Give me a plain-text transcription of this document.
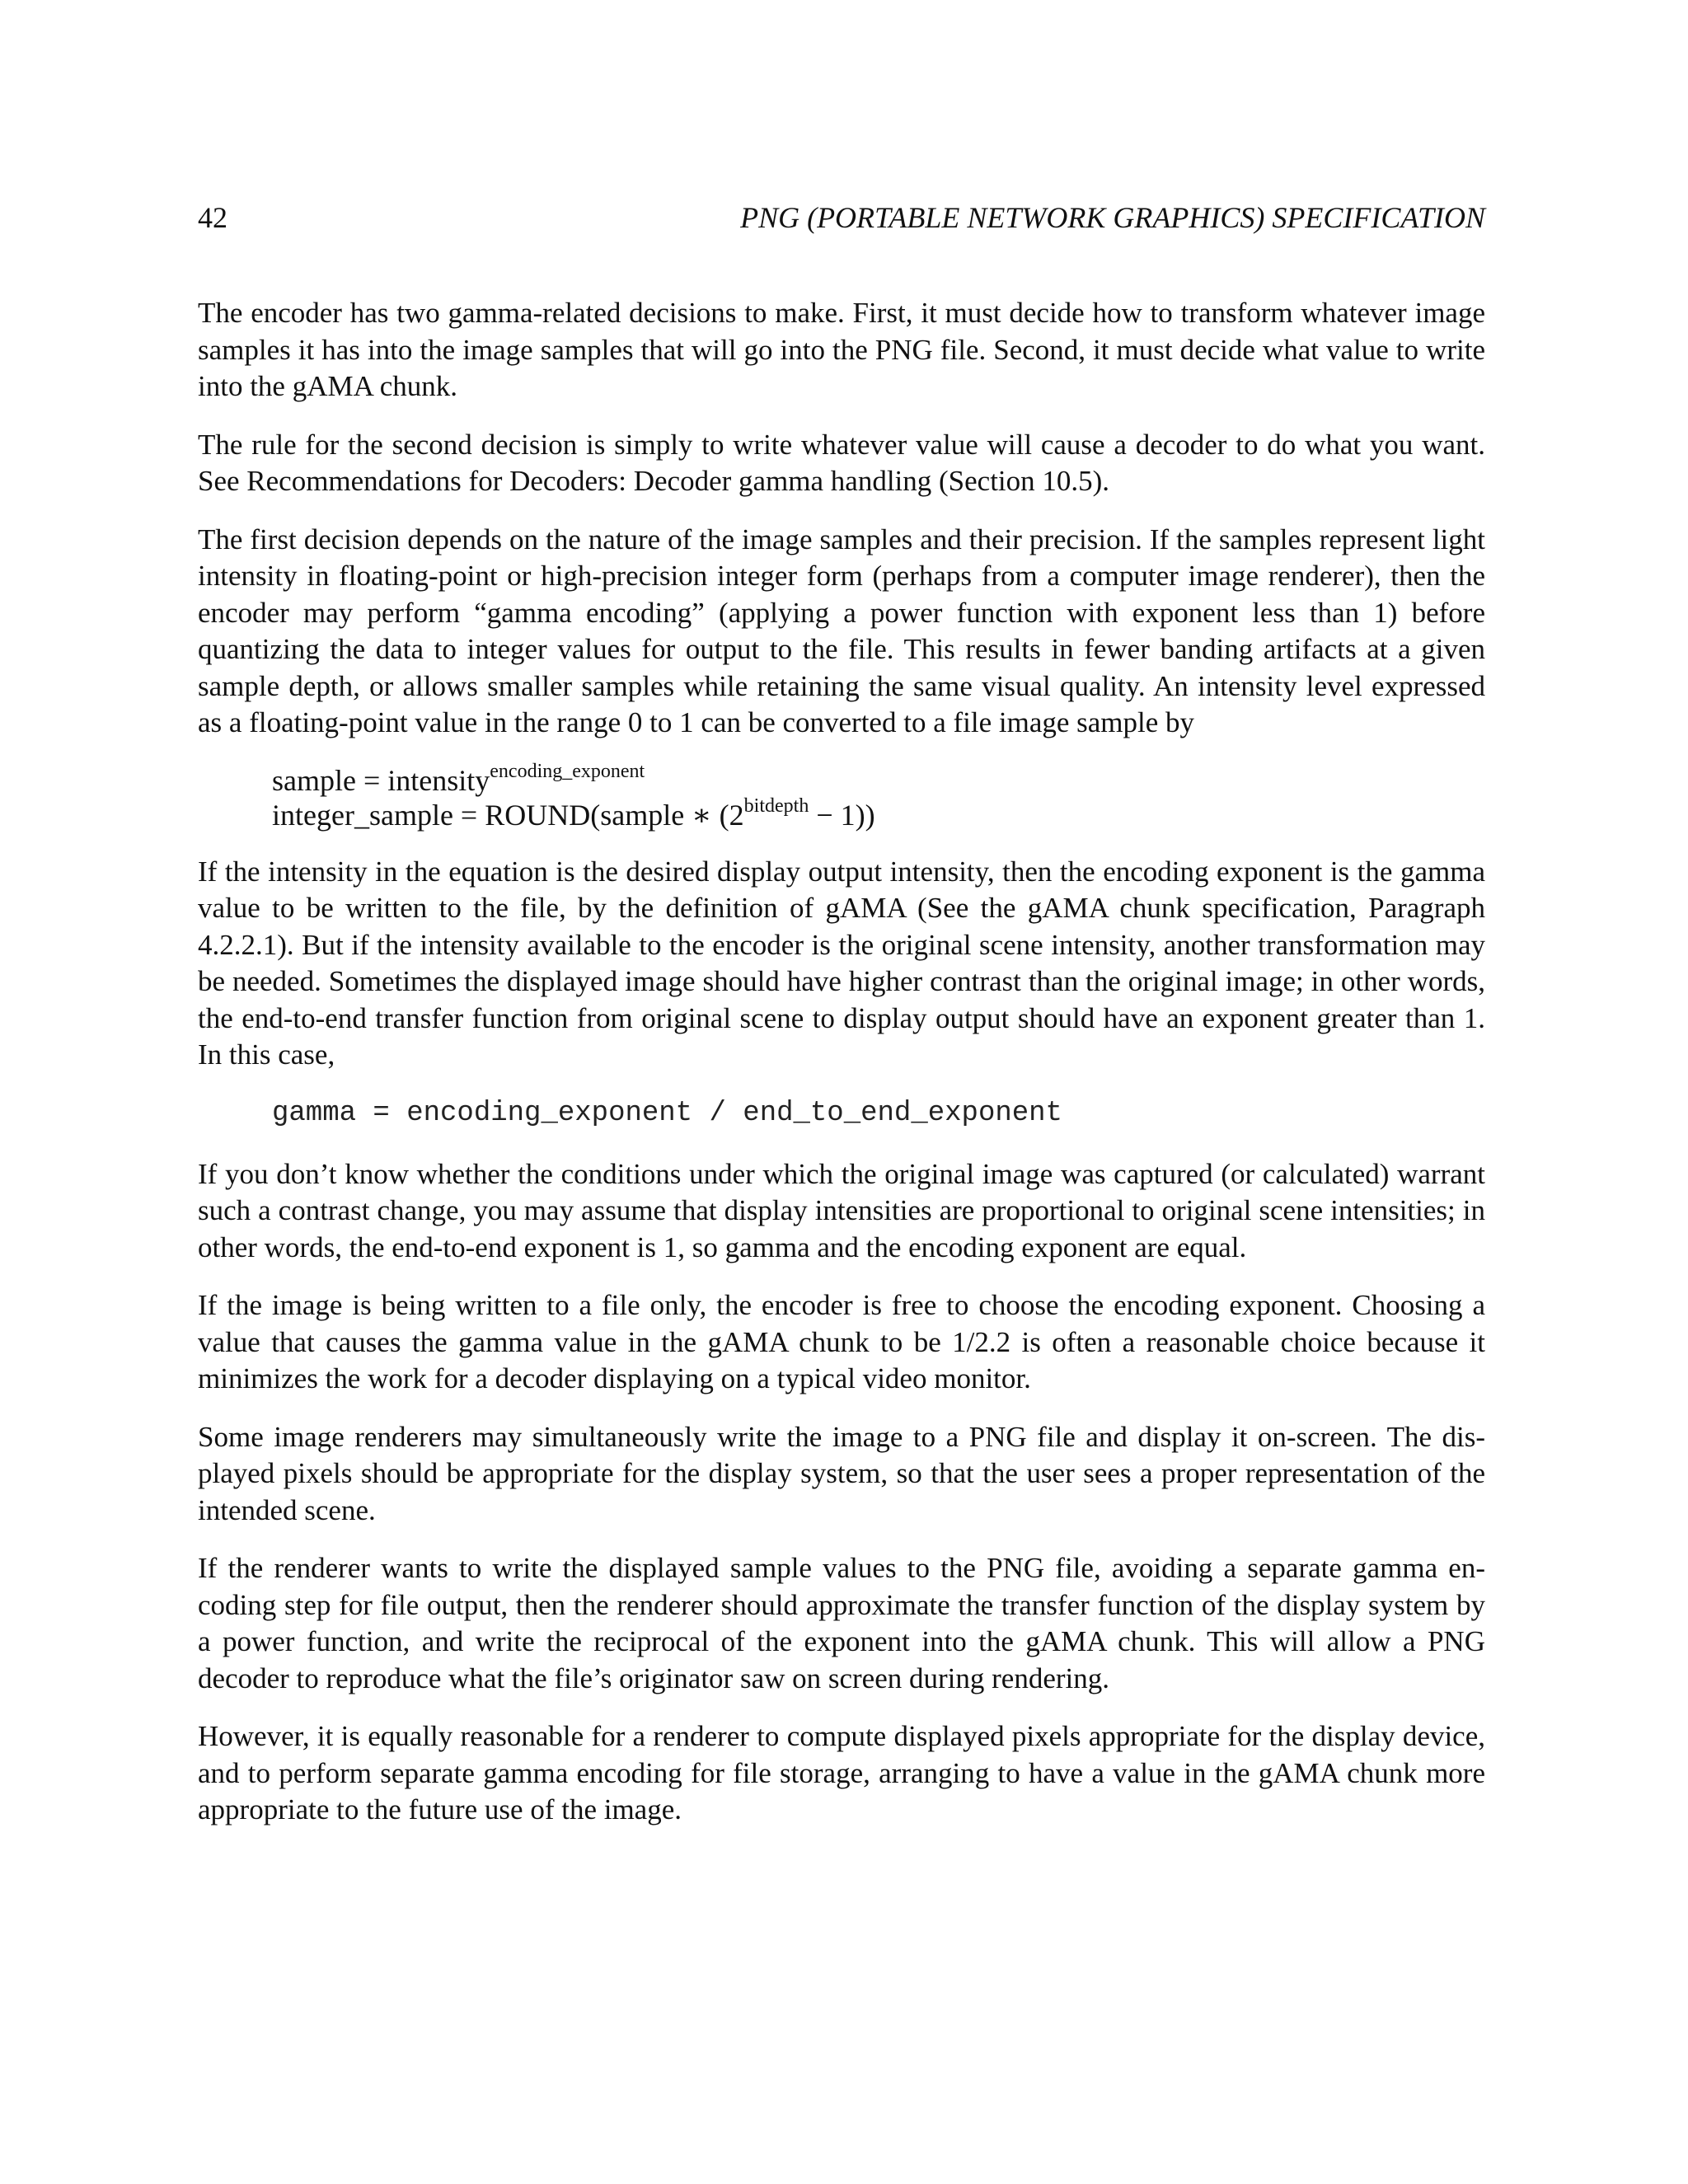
42	PNG (PORTABLE NETWORK GRAPHICS) SPECIFICATION

The encoder has two gamma-related decisions to make. First, it must decide how to transform whatever image samples it has into the image samples that will go into the PNG file. Second, it must decide what value to write into the gAMA chunk.

The rule for the second decision is simply to write whatever value will cause a decoder to do what you want. See Recommendations for Decoders: Decoder gamma handling (Section 10.5).

The first decision depends on the nature of the image samples and their precision. If the samples represent light intensity in floating-point or high-precision integer form (perhaps from a computer image renderer), then the encoder may perform “gamma encoding” (applying a power function with exponent less than 1) before quantizing the data to integer values for output to the file. This results in fewer banding artifacts at a given sample depth, or allows smaller samples while retaining the same visual quality. An intensity level expressed as a floating-point value in the range 0 to 1 can be converted to a file image sample by

sample = intensity$^{encoding\_exponent}$
integer_sample = ROUND(sample ∗ $(2^{bitdepth} - 1)$)

If the intensity in the equation is the desired display output intensity, then the encoding exponent is the gamma value to be written to the file, by the definition of gAMA (See the gAMA chunk specification, Paragraph 4.2.2.1). But if the intensity available to the encoder is the original scene intensity, another transformation may be needed. Sometimes the displayed image should have higher contrast than the original image; in other words, the end-to-end transfer function from original scene to display output should have an exponent greater than 1. In this case,

gamma = encoding_exponent / end_to_end_exponent

If you don’t know whether the conditions under which the original image was captured (or calculated) warrant such a contrast change, you may assume that display intensities are proportional to original scene intensities; in other words, the end-to-end exponent is 1, so gamma and the encoding exponent are equal.

If the image is being written to a file only, the encoder is free to choose the encoding exponent. Choosing a value that causes the gamma value in the gAMA chunk to be 1/2.2 is often a reasonable choice because it minimizes the work for a decoder displaying on a typical video monitor.

Some image renderers may simultaneously write the image to a PNG file and display it on-screen. The displayed pixels should be appropriate for the display system, so that the user sees a proper representation of the intended scene.

If the renderer wants to write the displayed sample values to the PNG file, avoiding a separate gamma encoding step for file output, then the renderer should approximate the transfer function of the display system by a power function, and write the reciprocal of the exponent into the gAMA chunk. This will allow a PNG decoder to reproduce what the file’s originator saw on screen during rendering.

However, it is equally reasonable for a renderer to compute displayed pixels appropriate for the display device, and to perform separate gamma encoding for file storage, arranging to have a value in the gAMA chunk more appropriate to the future use of the image.
